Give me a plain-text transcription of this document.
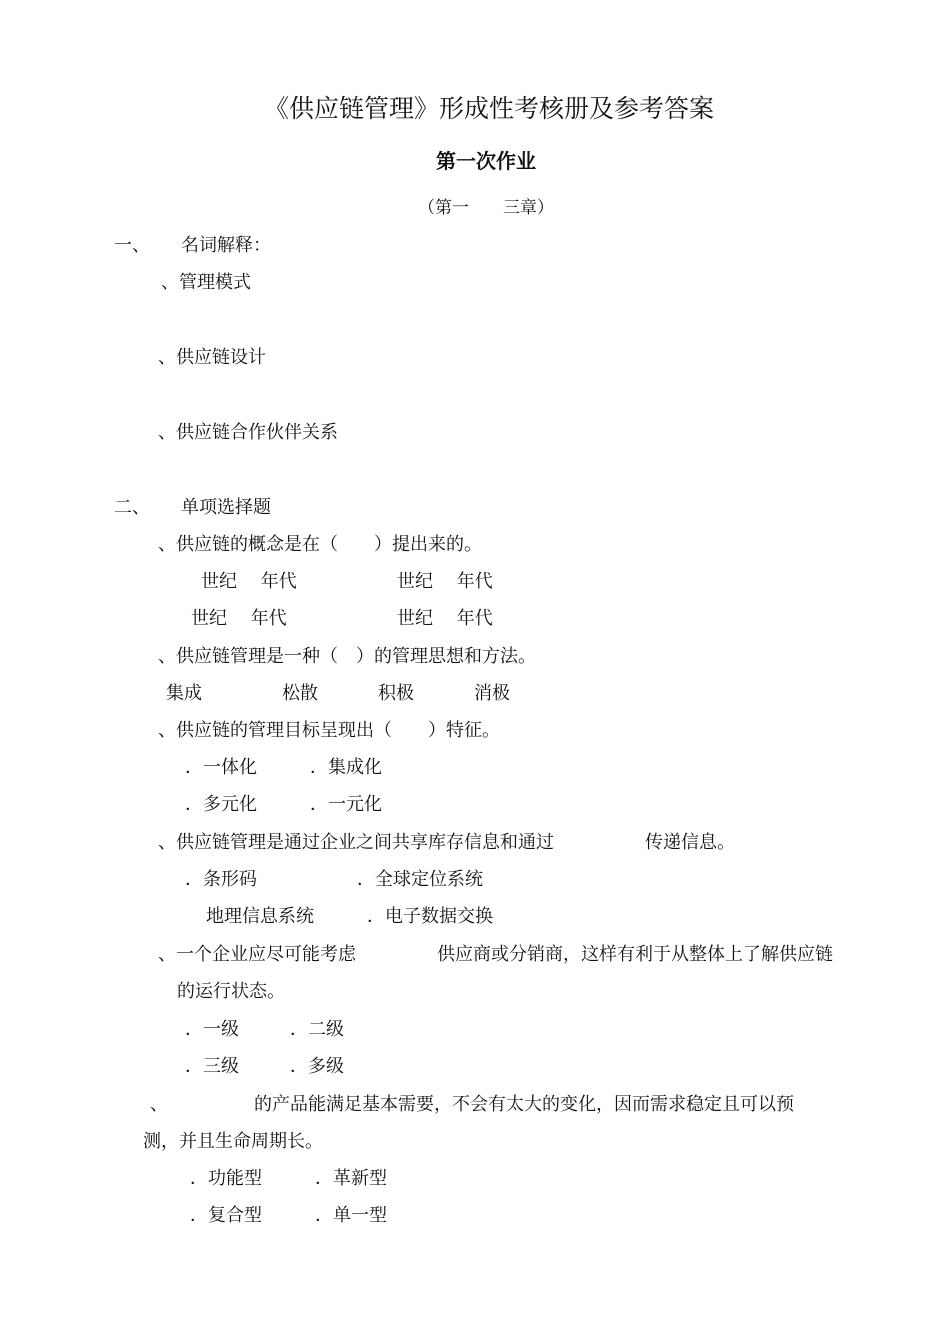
《供应链管理》形成性考核册及参考答案
第一次作业
（第一　　三章）
一、 名词解释：
、管理模式
、供应链设计
、供应链合作伙伴关系
二、 单项选择题
、供应链的概念是在（　　）提出来的。
世纪　 年代	世纪　 年代
世纪　 年代	世纪　 年代
、供应链管理是一种（　）的管理思想和方法。
集成	松散	积极	消极
、供应链的管理目标呈现出（　　）特征。
．一体化	．集成化
．多元化	．一元化
、供应链管理是通过企业之间共享库存信息和通过	传递信息。
．条形码	．全球定位系统
地理信息系统	．电子数据交换
、一个企业应尽可能考虑	供应商或分销商，这样有利于从整体上了解供应链
的运行状态。
．一级	．二级
．三级	．多级
、	的产品能满足基本需要，不会有太大的变化，因而需求稳定且可以预
测，并且生命周期长。
．功能型	．革新型
．复合型	．单一型
